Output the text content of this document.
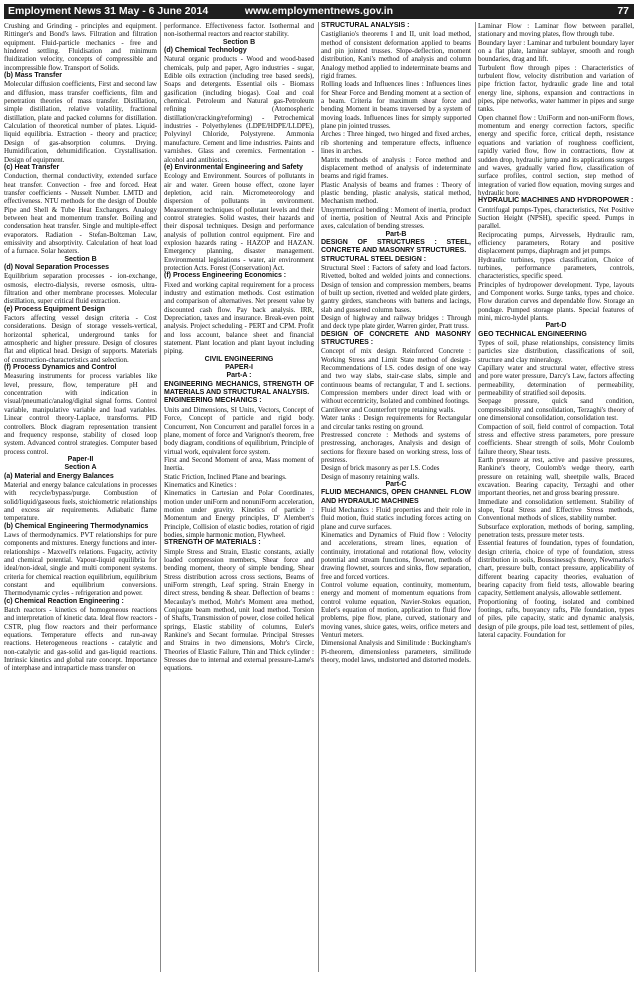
Employment News 31 May - 6 June 2014	www.employmentnews.gov.in	77
Crushing and Grinding - principles and equipment. Rittinger's and Bond's laws. Filtration and filtration equipment. Fluid-particle mechanics - free and hindered settling. Fluidisation and minimum fluidization velocity, concepts of compressible and incompressible flow. Transport of Solids.
(b) Mass Transfer
Molecular diffusion coefficients, First and second law and diffusion, mass transfer coefficients, film and penetration theories of mass transfer. Distillation, simple distillation, relative volatility, fractional distillation, plate and packed columns for distillation. Calculation of theoretical number of plates. Liquid-liquid equilibria. Extraction - theory and practice; Design of gas-absorption columns. Drying. Humidification, dehumidification. Crystallisation. Design of equipment.
(c) Heat Transfer
Conduction, thermal conductivity, extended surface heat transfer. Convection - free and forced. Heat transfer coefficients - Nusselt Number. LMTD and effectiveness. NTU methods for the design of Double Pipe and Shell & Tube Heat Exchangers. Analogy between heat and momentum transfer. Boiling and condensation heat transfer. Single and multiple-effect evaporators. Radiation - Stefan-Boltzman Law, emissivity and absorptivity. Calculation of heat load of a furnace. Solar heaters.
Section B
(d) Noval Separation Processes
Equilibrium separation processes - ion-exchange, osmosis, electro-dialysis, reverse osmosis, ultra-filtration and other membrane processes. Molecular distillation, super critical fluid extraction.
(e) Process Equipment Design
Factors affecting vessel design criteria - Cost considerations. Design of storage vessels-vertical, horizontal spherical, underground tanks for atmospheric and higher pressure. Design of closures flat and eliptical head. Design of supports. Materials of construction-characteristics and selection.
(f) Process Dynamics and Control
Measuring instruments for process variables like level, pressure, flow, temperature pH and concentration with indication in visual/pneumatic/analog/digital signal forms. Control variable, manipulative variable and load variables. Linear control theory-Laplace, transforms. PID controllers. Block diagram representation transient and frequency response, stability of closed loop system. Advanced control strategies. Computer based process control.
Paper-II
Section A
(a) Material and Energy Balances
Material and energy balance calculations in processes with recycle/bypass/purge. Combustion of solid/liquid/gaseous fuels, stoichiometric relationships and excess air requirements. Adiabatic flame temperature.
(b) Chemical Engineering Thermodynamics
Laws of thermodynamics. PVT relationships for pure components and mixtures. Energy functions and inter-relationships - Maxwell's relations. Fugacity, activity and chemical potential. Vapour-liquid equilibria for ideal/non-ideal, single and multi component systems. criteria for chemical reaction equilibrium, equilibrium constant and equilibrium conversions. Thermodynamic cycles - refrigeration and power.
(c) Chemical Reaction Engineering :
Batch reactors - kinetics of homogeneous reactions and interpretation of kinetic data. Ideal flow reactors - CSTR, plug flow reactors and their performance equations. Temperature effects and run-away reactions. Heterogeneous reactions - catalytic and non-catalytic and gas-solid and gas-liquid reactions. Intrinsic kinetics and global rate concept. Importance of interphase and intraparticle mass transfer on
performance. Effectiveness factor. Isothermal and non-isothermal reactors and reactor stability.
Section B
(d) Chemical Technology
Natural organic products - Wood and wood-based chemicals, pulp and paper, Agro industries - sugar, Edible oils extraction (including tree based seeds), Soaps and detergents. Essential oils - Biomass gasification (including biogas). Coal and coal chemical. Petroleum and Natural gas-Petroleum refining (Atomospheric distillation/cracking/reforming) - Petrochemical industries - Polyethylenes (LDPE/HDPE/LLDPE), Polyvinyl Chloride, Polystyrene. Ammonia manufacture. Cement and lime industries. Paints and varnishes. Glass and ceremics. Fermentation - alcohol and antibiotics.
(e) Environmental Engineering and Safety
Ecology and Environment. Sources of pollutants in air and water. Green house effect, ozone layer depletion, acid rain. Micrometeorology and dispersion of pollutants in environment. Measurement techniques of pollutant levels and their control strategies. Solid wastes, their hazards and their disposal techniques. Design and performance analysis of pollution control equipment. Fire and explosion hazards rating - HAZOP and HAZAN. Emergency planning, disaster management. Environmental legislations - water, air environment protection Acts. Forest (Conservation) Act.
(f) Process Engineering Economics :
Fixed and working capital requirement for a process industry and estimation methods. Cost estimation and comparison of alternatives. Net present value by discounted cash flow. Pay back analysis. IRR, Depreciation, taxes and insurance. Break-even point analysis. Project scheduling - PERT and CPM. Profit and loss account, balance sheet and financial statement. Plant location and plant layout including piping.
CIVIL ENGINEERING
PAPER-I
Part-A :
ENGINEERING MECHANICS, STRENGTH OF MATERIALS AND STRUCTURAL ANALYSIS.
ENGINEERING MECHANICS :
Units and Dimensions, SI Units, Vectors, Concept of Force, Concept of particle and rigid body. Concurrent, Non Concurrent and parallel forces in a plane, moment of force and Varignon's theorem, free body diagram, conditions of equilibrium, Principle of virtual work, equivalent force system.
First and Second Moment of area, Mass moment of Inertia.
Static Friction, Inclined Plane and bearings.
Kinematics and Kinetics :
Kinematics in Cartesian and Polar Coordinates, motion under uniForm and nonuniForm acceleration, motion under gravity. Kinetics of particle : Momentum and Energy principles, D' Alembert's Principle, Collision of elastic bodies, rotation of rigid bodies, simple harmonic motion, Flywheel.
STRENGTH OF MATERIALS :
Simple Stress and Strain, Elastic constants, axially loaded compression members, Shear force and bending moment, theory of simple bending, Shear Stress distribution across cross sections, Beams of uniForm strength, Leaf spring. Strain Energy in direct stress, bending & shear. Deflection of beams : Mecaulay's method, Mohr's Moment area method, Conjugate beam method, unit load method. Torsion of Shafts, Transmission of power, close coiled helical springs, Elastic stability of columns, Euler's Rankine's and Secant formulae. Principal Stresses and Strains in two dimensions, Mohr's Circle, Theories of Elastic Failure, Thin and Thick cylinder : Stresses due to internal and external pressure-Lame's equations.
STRUCTURAL ANALYSIS :
Castiglianio's theorems I and II, unit load method, method of consistent deformation applied to beams and pin jointed trusses. Slope-deflection, moment distribution, Kani's method of analysis and column Analogy method applied to indeterminate beams and rigid frames.
Rolling loads and Influences lines : Influences lines for Shear Force and Bending moment at a section of a beam. Criteria for maximum shear force and bending Moment in beams traversed by a system of moving loads. Influences lines for simply supported plane pin jointed trusses.
Arches : Three hinged, two hinged and fixed arches, rib shortening and temperature effects, influence lines in arches.
Matrix methods of analysis : Force method and displacement method of analysis of indeterminate beams and rigid frames.
Plastic Analysis of beams and frames : Theory of plastic bending, plastic analysis, statical method, Mechanism method.
Unsymmetrical bending : Moment of inertia, product of inertia, position of Neutral Axis and Principle axes, calculation of bending stresses.
Part-B
DESIGN OF STRUCTURES : STEEL, CONCRETE AND MASONRY STRUCTURES.
STRUCTURAL STEEL DESIGN :
Structural Steel : Factors of safety and load factors. Rivetted, bolted and welded joints and connections. Design of tension and compression members, beams of built up section, rivetted and welded plate girders, gantry girders, stancheons with battens and lacings, slab and gusseted column bases.
Design of highway and railway bridges : Through and deck type plate girder, Warren girder, Pratt truss.
DESIGN OF CONCRETE AND MASONRY STRUCTURES :
Concept of mix design. Reinforced Concrete : Working Stress and Limit State method of design-Recommendations of I.S. codes design of one way and two way slabs, stair-case slabs, simple and continuous beams of rectangular, T and L sections. Compression members under direct load with or without eccentricity, Isolated and combined footings.
Cantilever and Counterfort type retaining walls.
Water tanks : Design requirements for Rectangular and circular tanks resting on ground.
Prestressed concrete : Methods and systems of prestressing, anchorages, Analysis and design of sections for flexure based on working stress, loss of prestress.
Design of brick masonry as per I.S. Codes
Design of masonry retaining walls.
Part-C
FLUID MECHANICS, OPEN CHANNEL FLOW AND HYDRAULIC MACHINES
Fluid Mechanics : Fluid properties and their role in fluid motion, fluid statics including forces acting on plane and curve surfaces.
Kinematics and Dynamics of Fluid flow : Velocity and accelerations, stream lines, equation of continuity, irrotational and rotational flow, velocity potential and stream functions, flownet, methods of drawing flownet, sources and sinks, flow separation, free and forced vortices.
Control volume equation, continuity, momentum, energy and moment of momentum equations from control volume equation, Navier-Stokes equation, Euler's equation of motion, application to fluid flow problems, pipe flow, plane, curved, stationary and moving vanes, sluice gates, weirs, orifice meters and Venturi meters.
Dimensional Analysis and Similitude : Buckingham's Pi-theorem, dimensionless parameters, similitude theory, model laws, undistorted and distorted models.
Laminar Flow : Laminar flow between parallel, stationary and moving plates, flow through tube.
Boundary layer : Laminar and turbulent boundary layer on a flat plate, laminar sublayer, smooth and rough boundaries, drag and lift.
Turbulent flow through pipes : Characteristics of turbulent flow, velocity distribution and variation of pipe friction factor, hydraulic grade line and total energy line, siphons, expansion and contractions in pipes, pipe networks, water hammer in pipes and surge tanks.
Open channel flow : UniForm and non-uniForm flows, momentum and energy correction factors, specific energy and specific force, critical depth, resistance equations and variation of roughness coefficient, rapidly varied flow, flow in contractions, flow at sudden drop, hydraulic jump and its applications surges and waves, gradually varied flow, classification of surface profiles, control section, step method of integration of varied flow equation, moving surges and hydraulic bore.
HYDRAULIC MACHINES AND HYDROPOWER :
Centrifugal pumps-Types, characteristics, Net Positive Suction Height (NPSH), specific speed. Pumps in parallel.
Reciprocating pumps, Airvessels, Hydraulic ram, efficiency parameters, Rotary and positive displacement pumps, diaphragm and jet pumps.
Hydraulic turbines, types classification, Choice of turbines, performance parameters, controls, characteristics, specific speed.
Principles of hydropower development. Type, layouts and Component works. Surge tanks, types and choice. Flow duration curves and dependable flow. Storage an pondage. Pumped storage plants. Special features of mini, micro-hydel plants.
Part-D
GEO TECHNICAL ENGINEERING
Types of soil, phase relationships, consistency limits particles size distribution, classifications of soil, structure and clay mineralogy.
Capillary water and structural water, effective stress and pore water pressure, Darcy's Law, factors affecting permeability, determination of permeability, permeability of stratified soil deposits.
Seepage pressure, quick sand condition, compressibility and consolidation, Terzaghi's theory of one dimensional consolidation, consolidation test.
Compaction of soil, field control of compaction. Total stress and effective stress parameters, pore pressure coefficients. Shear strength of soils, Mohr Coulomb failure theory, Shear tests.
Earth pressure at rest, active and passive pressures, Rankine's theory, Coulomb's wedge theory, earth pressure on retaining wall, sheetpile walls, Braced excavation. Bearing capacity, Terzaghi and other important theories, net and gross bearing pressure.
Immediate and consolidation settlement. Stability of slope, Total Stress and Effective Stress methods, Conventional methods of slices, stability number.
Subsurface exploration, methods of boring, sampling, penetration tests, pressure meter tests.
Essential features of foundation, types of foundation, design criteria, choice of type of foundation, stress distribution in soils, Boussinessq's theory, Newmarks's chart, pressure bulb, contact pressure, applicability of different bearing capacity theories, evaluation of bearing capacity from field tests, allowable bearing capacity, Settlement analysis, allowable settlement.
Proportioning of footing, isolated and combined footings, rafts, buoyancy rafts, Pile foundation, types of piles, pile capacity, static and dynamic analysis, design of pile groups, pile load test, settlement of piles, lateral capacity. Foundation for
